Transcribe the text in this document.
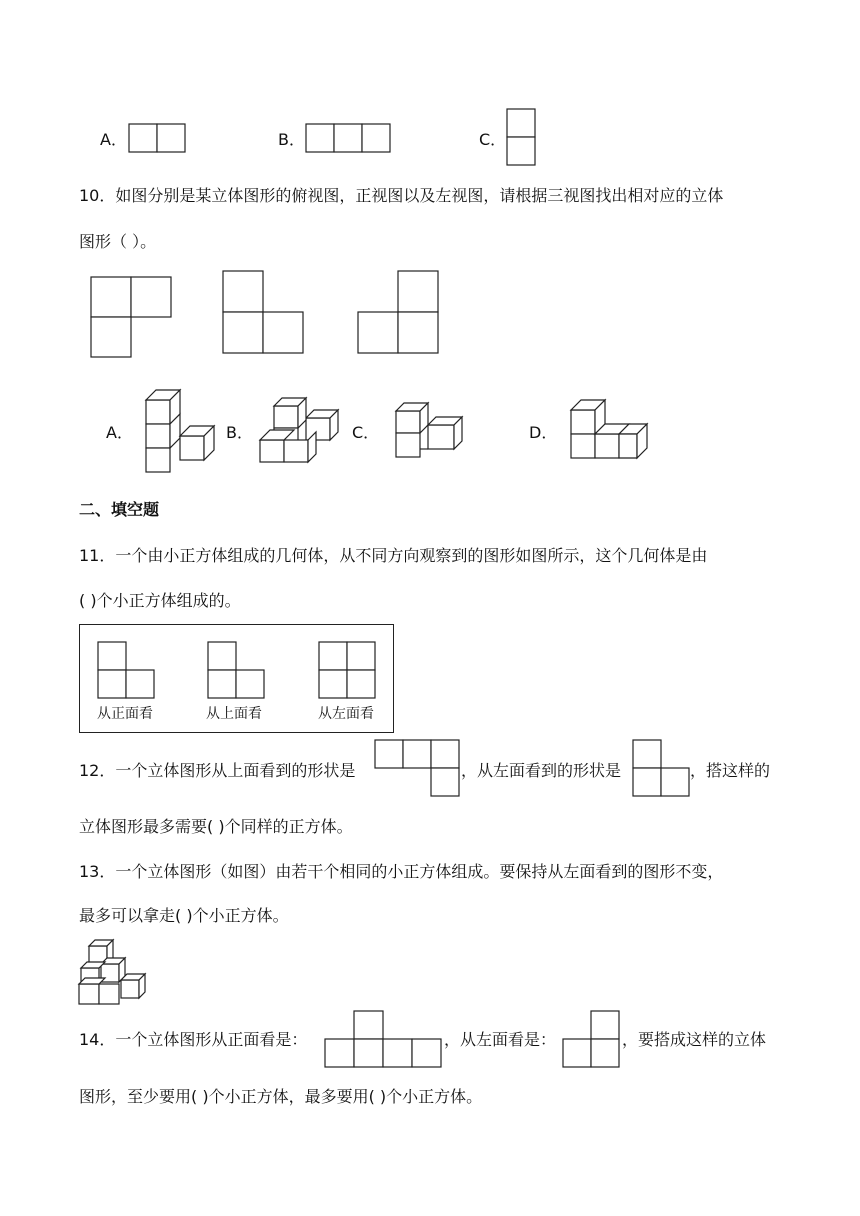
A．	B．	C．
10．如图分别是某立体图形的俯视图，正视图以及左视图，请根据三视图找出相对应的立体
图形（ ）。
A．	B．	C．	D．
二、填空题
11．一个由小正方体组成的几何体，从不同方向观察到的图形如图所示，这个几何体是由
( )个小正方体组成的。
从正面看	从上面看	从左面看
12．一个立体图形从上面看到的形状是	，从左面看到的形状是	，搭这样的
立体图形最多需要( )个同样的正方体。
13．一个立体图形（如图）由若干个相同的小正方体组成。要保持从左面看到的图形不变，
最多可以拿走( )个小正方体。
14．一个立体图形从正面看是：	，从左面看是：	，要搭成这样的立体
图形，至少要用( )个小正方体，最多要用( )个小正方体。
